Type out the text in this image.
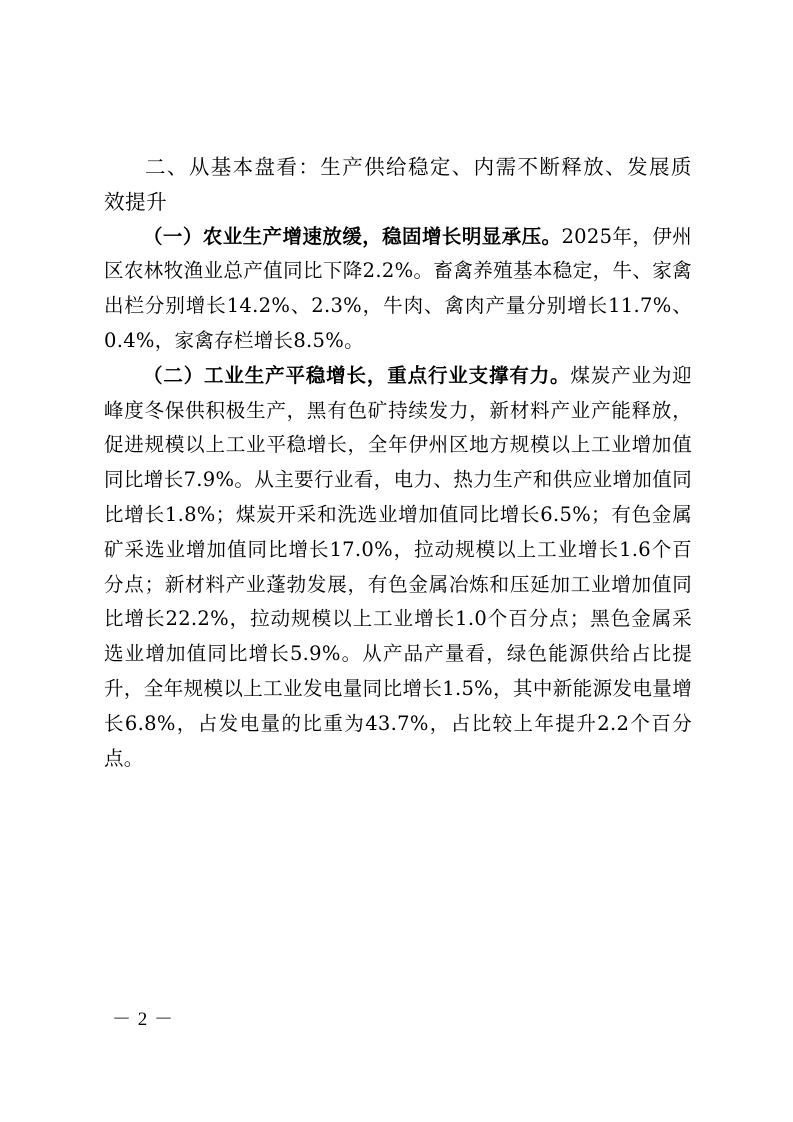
二、从基本盘看：生产供给稳定、内需不断释放、发展质效提升

（一）农业生产增速放缓，稳固增长明显承压。2025年，伊州区农林牧渔业总产值同比下降2.2%。畜禽养殖基本稳定，牛、家禽出栏分别增长14.2%、2.3%，牛肉、禽肉产量分别增长11.7%、0.4%，家禽存栏增长8.5%。

（二）工业生产平稳增长，重点行业支撑有力。煤炭产业为迎峰度冬保供积极生产，黑有色矿持续发力，新材料产业产能释放，促进规模以上工业平稳增长，全年伊州区地方规模以上工业增加值同比增长7.9%。从主要行业看，电力、热力生产和供应业增加值同比增长1.8%；煤炭开采和洗选业增加值同比增长6.5%；有色金属矿采选业增加值同比增长17.0%，拉动规模以上工业增长1.6个百分点；新材料产业蓬勃发展，有色金属冶炼和压延加工业增加值同比增长22.2%，拉动规模以上工业增长1.0个百分点；黑色金属采选业增加值同比增长5.9%。从产品产量看，绿色能源供给占比提升，全年规模以上工业发电量同比增长1.5%，其中新能源发电量增长6.8%，占发电量的比重为43.7%，占比较上年提升2.2个百分点。

－ 2 －
